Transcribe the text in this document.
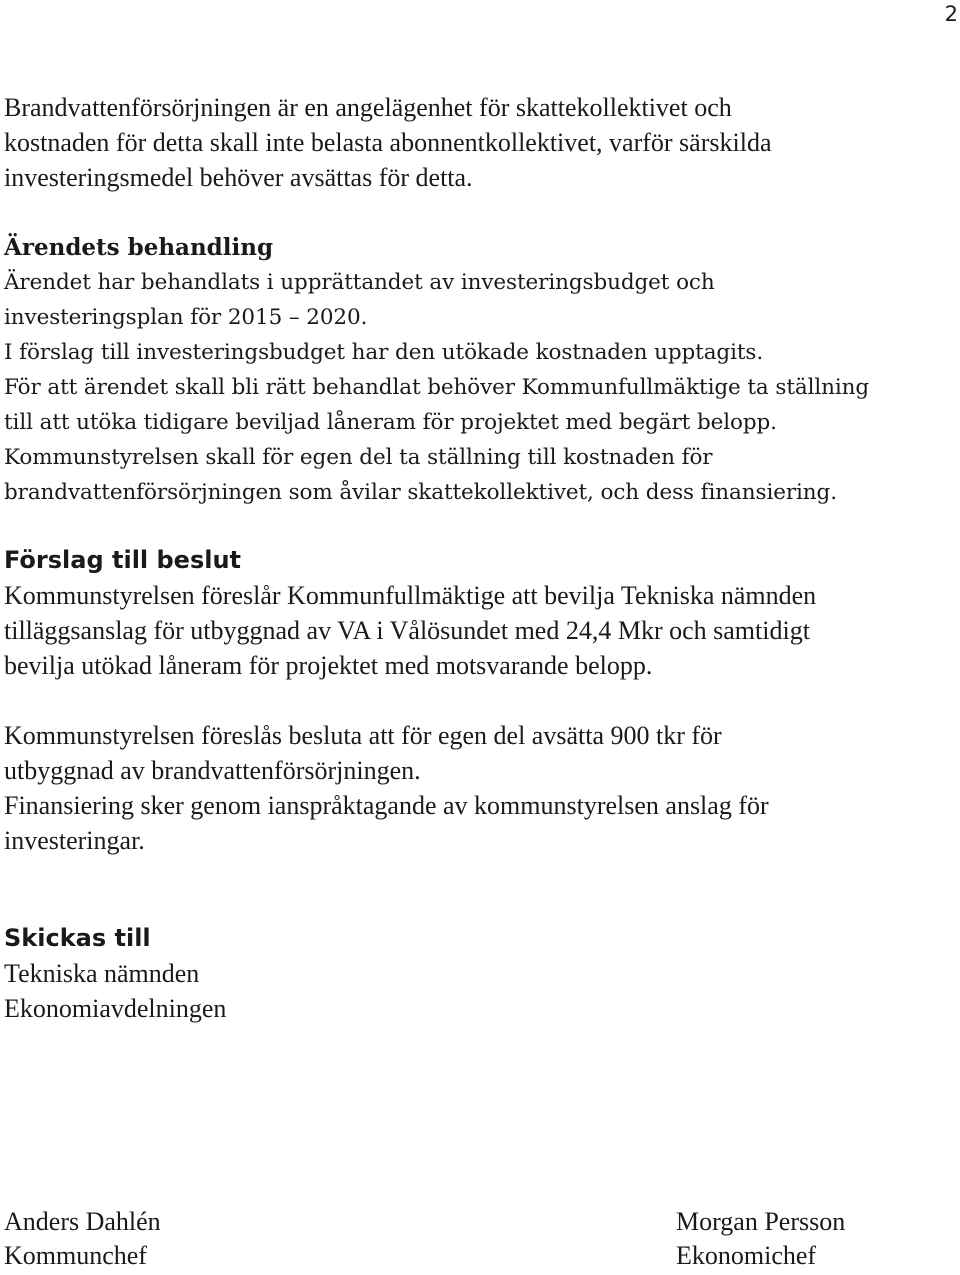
2

Brandvattenförsörjningen är en angelägenhet för skattekollektivet och
kostnaden för detta skall inte belasta abonnentkollektivet, varför särskilda
investeringsmedel behöver avsättas för detta.

Ärendets behandling

Ärendet har behandlats i upprättandet av investeringsbudget och
investeringsplan för 2015 – 2020.

I förslag till investeringsbudget har den utökade kostnaden upptagits.

För att ärendet skall bli rätt behandlat behöver Kommunfullmäktige ta ställning
till att utöka tidigare beviljad låneram för projektet med begärt belopp.

Kommunstyrelsen skall för egen del ta ställning till kostnaden för
brandvattenförsörjningen som åvilar skattekollektivet, och dess finansiering.

Förslag till beslut

Kommunstyrelsen föreslår Kommunfullmäktige att bevilja Tekniska nämnden
tilläggsanslag för utbyggnad av VA i Vålösundet med 24,4 Mkr och samtidigt
bevilja utökad låneram för projektet med motsvarande belopp.

Kommunstyrelsen föreslås besluta att för egen del avsätta 900 tkr för
utbyggnad av brandvattenförsörjningen.

Finansiering sker genom ianspråktagande av kommunstyrelsen anslag för
investeringar.

Skickas till

Tekniska nämnden

Ekonomiavdelningen

Anders Dahlén
Kommunchef
Morgan Persson
Ekonomichef
